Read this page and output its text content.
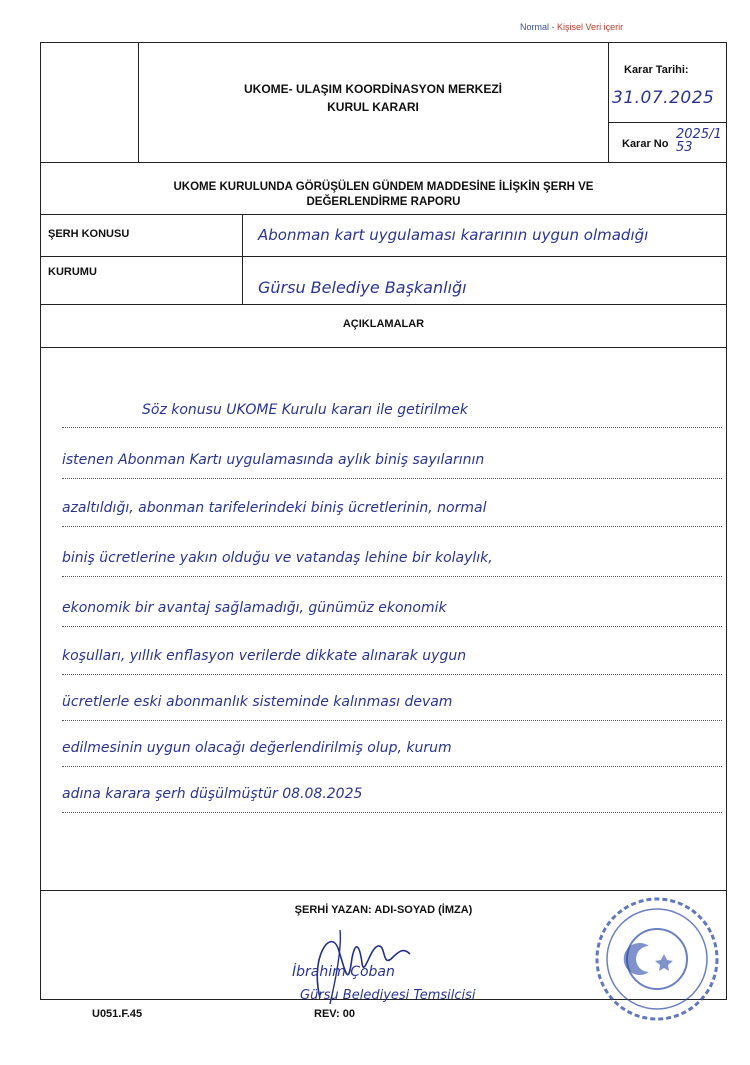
Normal - Kişisel Veri içerir
UKOME- ULAŞIM KOORDİNASYON MERKEZİ
KURUL KARARI
Karar Tarihi:
31.07.2025
Karar No
2025/153
UKOME KURULUNDA GÖRÜŞÜLEN GÜNDEM MADDESİNE İLİŞKİN ŞERH VE
DEĞERLENDİRME RAPORU
ŞERH KONUSU	Abonman kart uygulaması kararının uygun olmadığı
KURUMU
Gürsu Belediye Başkanlığı
AÇIKLAMALAR
Söz konusu UKOME Kurulu kararı ile getirilmek
istenen Abonman Kartı uygulamasında aylık biniş sayılarının
azaltıldığı, abonman tarifelerindeki biniş ücretlerinin, normal
biniş ücretlerine yakın olduğu ve vatandaş lehine bir kolaylık,
ekonomik bir avantaj sağlamadığı, günümüz ekonomik
koşulları, yıllık enflasyon verilerde dikkate alınarak uygun
ücretlerle eski abonmanlık sisteminde kalınması devam
edilmesinin uygun olacağı değerlendirilmiş olup, kurum
adına karara şerh düşülmüştür 08.08.2025
ŞERHİ YAZAN: ADI-SOYAD (İMZA)
İbrahim Çoban
Gürsu Belediyesi Temsilcisi
U051.F.45	REV: 00
